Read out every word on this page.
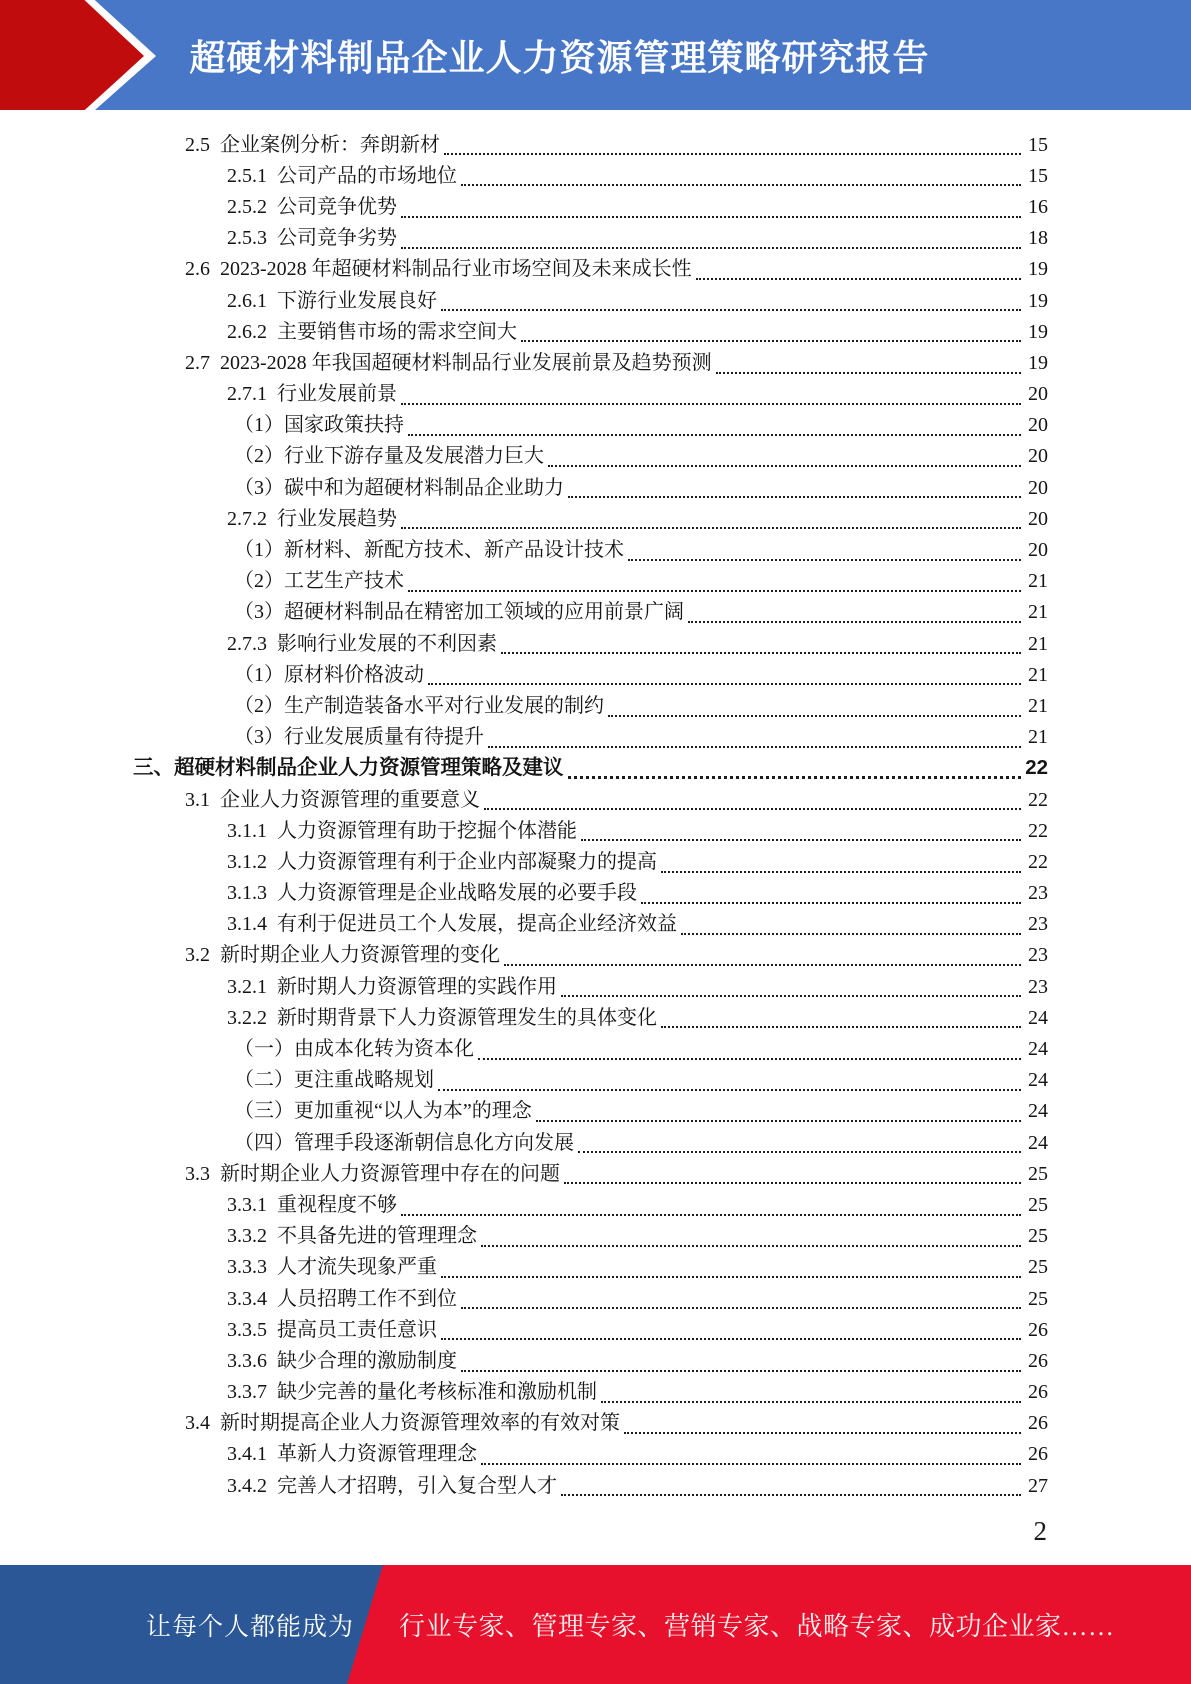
超硬材料制品企业人力资源管理策略研究报告
2.5 企业案例分析：奔朗新材	15
2.5.1 公司产品的市场地位	15
2.5.2 公司竞争优势	16
2.5.3 公司竞争劣势	18
2.6 2023-2028 年超硬材料制品行业市场空间及未来成长性	19
2.6.1 下游行业发展良好	19
2.6.2 主要销售市场的需求空间大	19
2.7 2023-2028 年我国超硬材料制品行业发展前景及趋势预测	19
2.7.1 行业发展前景	20
（1）国家政策扶持	20
（2）行业下游存量及发展潜力巨大	20
（3）碳中和为超硬材料制品企业助力	20
2.7.2 行业发展趋势	20
（1）新材料、新配方技术、新产品设计技术	20
（2）工艺生产技术	21
（3）超硬材料制品在精密加工领域的应用前景广阔	21
2.7.3 影响行业发展的不利因素	21
（1）原材料价格波动	21
（2）生产制造装备水平对行业发展的制约	21
（3）行业发展质量有待提升	21
三、超硬材料制品企业人力资源管理策略及建议	22
3.1 企业人力资源管理的重要意义	22
3.1.1 人力资源管理有助于挖掘个体潜能	22
3.1.2 人力资源管理有利于企业内部凝聚力的提高	22
3.1.3 人力资源管理是企业战略发展的必要手段	23
3.1.4 有利于促进员工个人发展，提高企业经济效益	23
3.2 新时期企业人力资源管理的变化	23
3.2.1 新时期人力资源管理的实践作用	23
3.2.2 新时期背景下人力资源管理发生的具体变化	24
（一）由成本化转为资本化	24
（二）更注重战略规划	24
（三）更加重视“以人为本”的理念	24
（四）管理手段逐渐朝信息化方向发展	24
3.3 新时期企业人力资源管理中存在的问题	25
3.3.1 重视程度不够	25
3.3.2 不具备先进的管理理念	25
3.3.3 人才流失现象严重	25
3.3.4 人员招聘工作不到位	25
3.3.5 提高员工责任意识	26
3.3.6 缺少合理的激励制度	26
3.3.7 缺少完善的量化考核标准和激励机制	26
3.4 新时期提高企业人力资源管理效率的有效对策	26
3.4.1 革新人力资源管理理念	26
3.4.2 完善人才招聘，引入复合型人才	27
2
让每个人都能成为 行业专家、管理专家、营销专家、战略专家、成功企业家……
